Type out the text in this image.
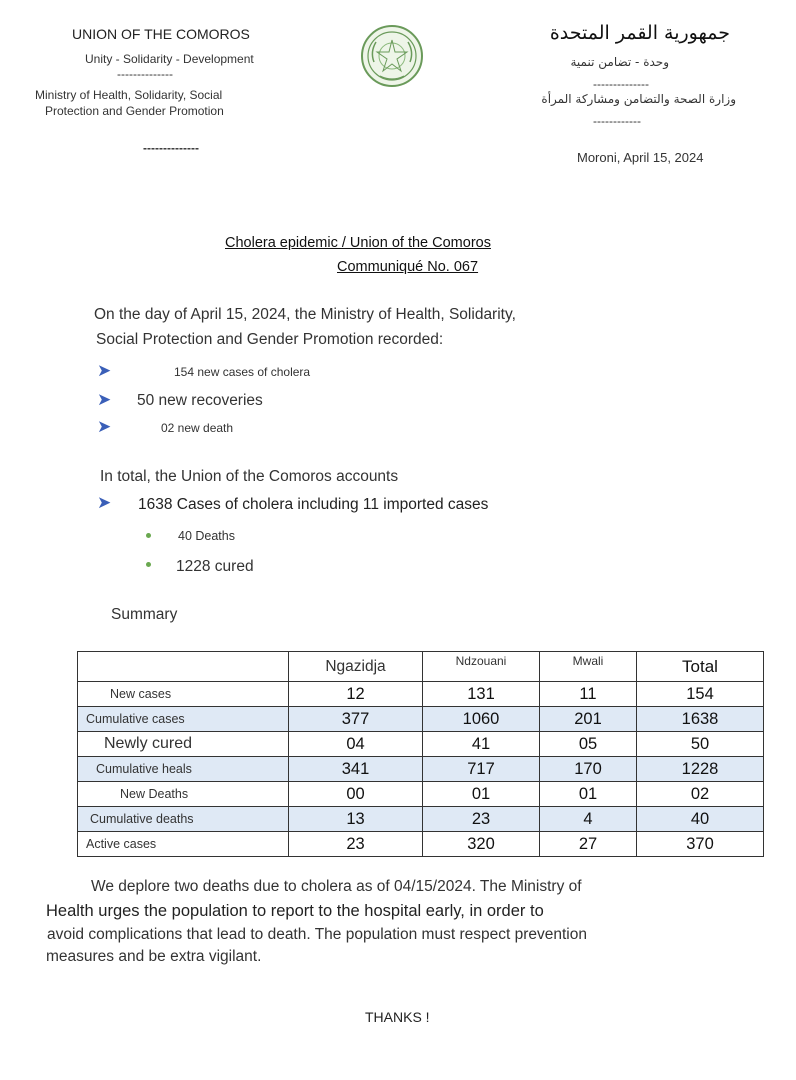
UNION OF THE COMOROS
Unity - Solidarity - Development
--------------
Ministry of Health, Solidarity, Social
Protection and Gender Promotion
--------------
جمهورية القمر المتحدة
وحدة - تضامن تنمية
--------------
وزارة الصحة والتضامن ومشاركة المرأة
------------
Moroni, April 15, 2024
Cholera epidemic / Union of the Comoros
Communiqué No. 067
On the day of April 15, 2024, the Ministry of Health, Solidarity,
Social Protection and Gender Promotion recorded:
➤	154 new cases of cholera
➤ 50 new recoveries
➤	02 new death
In total, the Union of the Comoros accounts
➤ 1638 Cases of cholera including 11 imported cases
40 Deaths
1228 cured
Summary
	Ngazidja	Ndzouani	Mwali	Total
New cases	12	131	11	154
Cumulative cases	377	1060	201	1638
Newly cured	04	41	05	50
Cumulative heals	341	717	170	1228
New Deaths	00	01	01	02
Cumulative deaths	13	23	4	40
Active cases	23	320	27	370
We deplore two deaths due to cholera as of 04/15/2024. The Ministry of
Health urges the population to report to the hospital early, in order to
avoid complications that lead to death. The population must respect prevention
measures and be extra vigilant.
THANKS !
